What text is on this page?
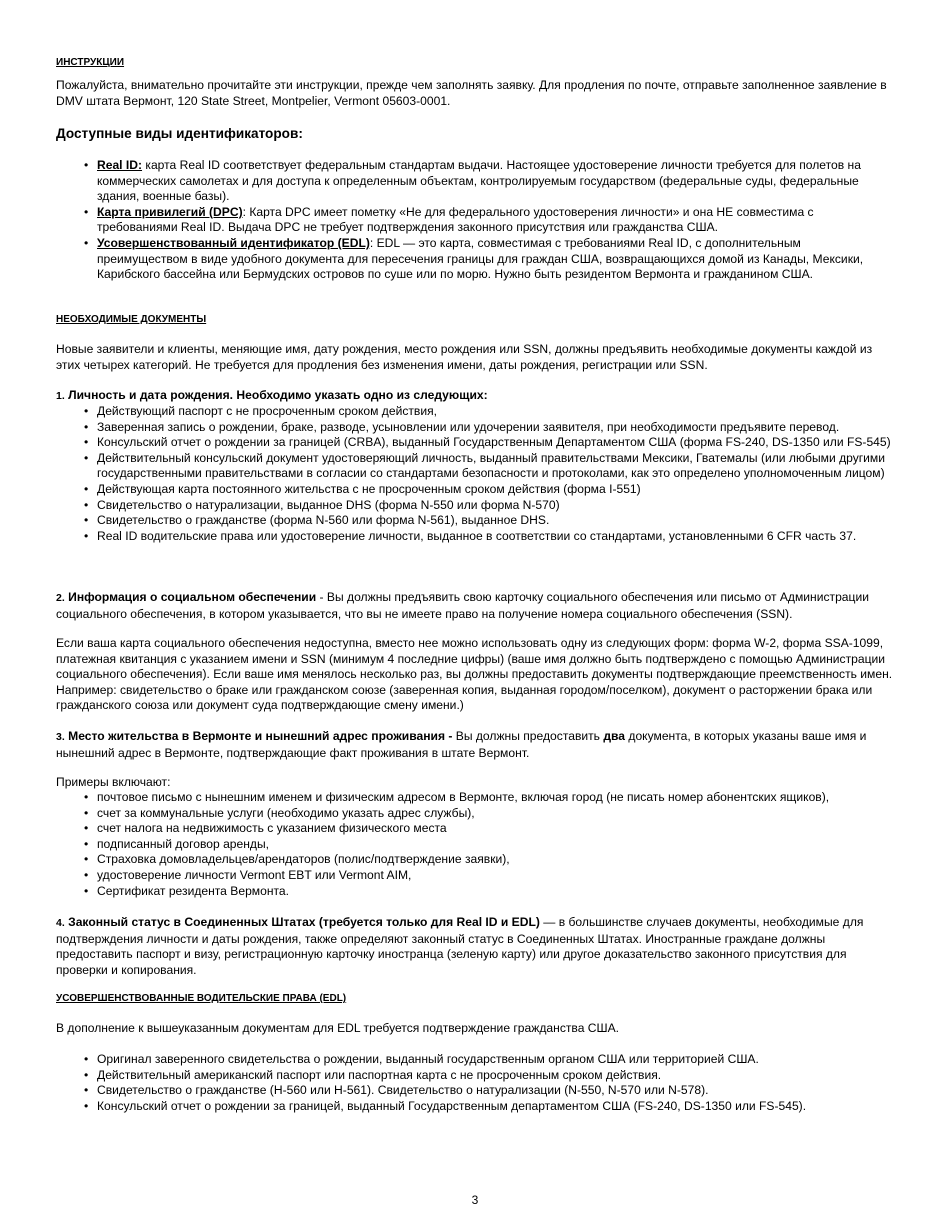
ИНСТРУКЦИИ

Пожалуйста, внимательно прочитайте эти инструкции, прежде чем заполнять заявку. Для продления по почте, отправьте заполненное заявление в DMV штата Вермонт, 120 State Street, Montpelier, Vermont 05603-0001.

Доступные виды идентификаторов:
• Real ID: карта Real ID соответствует федеральным стандартам выдачи. Настоящее удостоверение личности требуется для полетов на коммерческих самолетах и для доступа к определенным объектам, контролируемым государством (федеральные суды, федеральные здания, военные базы).
• Карта привилегий (DPC): Карта DPC имеет пометку «Не для федерального удостоверения личности» и она НЕ совместима с требованиями Real ID. Выдача DPC не требует подтверждения законного присутствия или гражданства США.
• Усовершенствованный идентификатор (EDL): EDL — это карта, совместимая с требованиями Real ID, с дополнительным преимуществом в виде удобного документа для пересечения границы для граждан США, возвращающихся домой из Канады, Мексики, Карибского бассейна или Бермудских островов по суше или по морю. Нужно быть резидентом Вермонта и гражданином США.
НЕОБХОДИМЫЕ ДОКУМЕНТЫ

Новые заявители и клиенты, меняющие имя, дату рождения, место рождения или SSN, должны предъявить необходимые документы каждой из этих четырех категорий. Не требуется для продления без изменения имени, даты рождения, регистрации или SSN.

1. Личность и дата рождения. Необходимо указать одно из следующих:

• Действующий паспорт с не просроченным сроком действия,
• Заверенная запись о рождении, браке, разводе, усыновлении или удочерении заявителя, при необходимости предъявите перевод.
• Консульский отчет о рождении за границей (CRBA), выданный Государственным Департаментом США (форма FS-240, DS-1350 или FS-545)
• Действительный консульский документ удостоверяющий личность, выданный правительствами Мексики, Гватемалы (или любыми другими государственными правительствами в согласии со стандартами безопасности и протоколами, как это определено уполномоченным лицом)
• Действующая карта постоянного жительства с не просроченным сроком действия (форма I-551)
• Свидетельство о натурализации, выданное DHS (форма N-550 или форма N-570)
• Свидетельство о гражданстве (форма N-560 или форма N-561), выданное DHS.
• Real ID водительские права или удостоверение личности, выданное в соответствии со стандартами, установленными 6 CFR часть 37.

2. Информация о социальном обеспечении - Вы должны предъявить свою карточку социального обеспечения или письмо от Администрации социального обеспечения, в котором указывается, что вы не имеете право на получение номера социального обеспечения (SSN).

Если ваша карта социального обеспечения недоступна, вместо нее можно использовать одну из следующих форм: форма W-2, форма SSA-1099, платежная квитанция с указанием имени и SSN (минимум 4 последние цифры) (ваше имя должно быть подтверждено с помощью Администрации социального обеспечения). Если ваше имя менялось несколько раз, вы должны предоставить документы подтверждающие преемственность имен. Например: свидетельство о браке или гражданском союзе (заверенная копия, выданная городом/поселком), документ о расторжении брака или гражданского союза или документ суда подтверждающие смену имени.)

3. Место жительства в Вермонте и нынешний адрес проживания - Вы должны предоставить два документа, в которых указаны ваше имя и нынешний адрес в Вермонте, подтверждающие факт проживания в штате Вермонт.

Примеры включают:

• почтовое письмо с нынешним именем и физическим адресом в Вермонте, включая город (не писать номер абонентских ящиков),
• счет за коммунальные услуги (необходимо указать адрес службы),
• счет налога на недвижимость с указанием физического места
• подписанный договор аренды,
• Страховка домовладельцев/арендаторов (полис/подтверждение заявки),
• удостоверение личности Vermont EBT или Vermont AIM,
• Сертификат резидента Вермонта.

4. Законный статус в Соединенных Штатах (требуется только для Real ID и EDL) — в большинстве случаев документы, необходимые для подтверждения личности и даты рождения, также определяют законный статус в Соединенных Штатах. Иностранные граждане должны предоставить паспорт и визу, регистрационную карточку иностранца (зеленую карту) или другое доказательство законного присутствия для проверки и копирования.

УСОВЕРШЕНСТВОВАННЫЕ ВОДИТЕЛЬСКИЕ ПРАВА (EDL)

В дополнение к вышеуказанным документам для EDL требуется подтверждение гражданства США.

• Оригинал заверенного свидетельства о рождении, выданный государственным органом США или территорией США.
• Действительный американский паспорт или паспортная карта с не просроченным сроком действия.
• Свидетельство о гражданстве (Н-560 или Н-561). Свидетельство о натурализации (N-550, N-570 или N-578).
• Консульский отчет о рождении за границей, выданный Государственным департаментом США (FS-240, DS-1350 или FS-545).
3
